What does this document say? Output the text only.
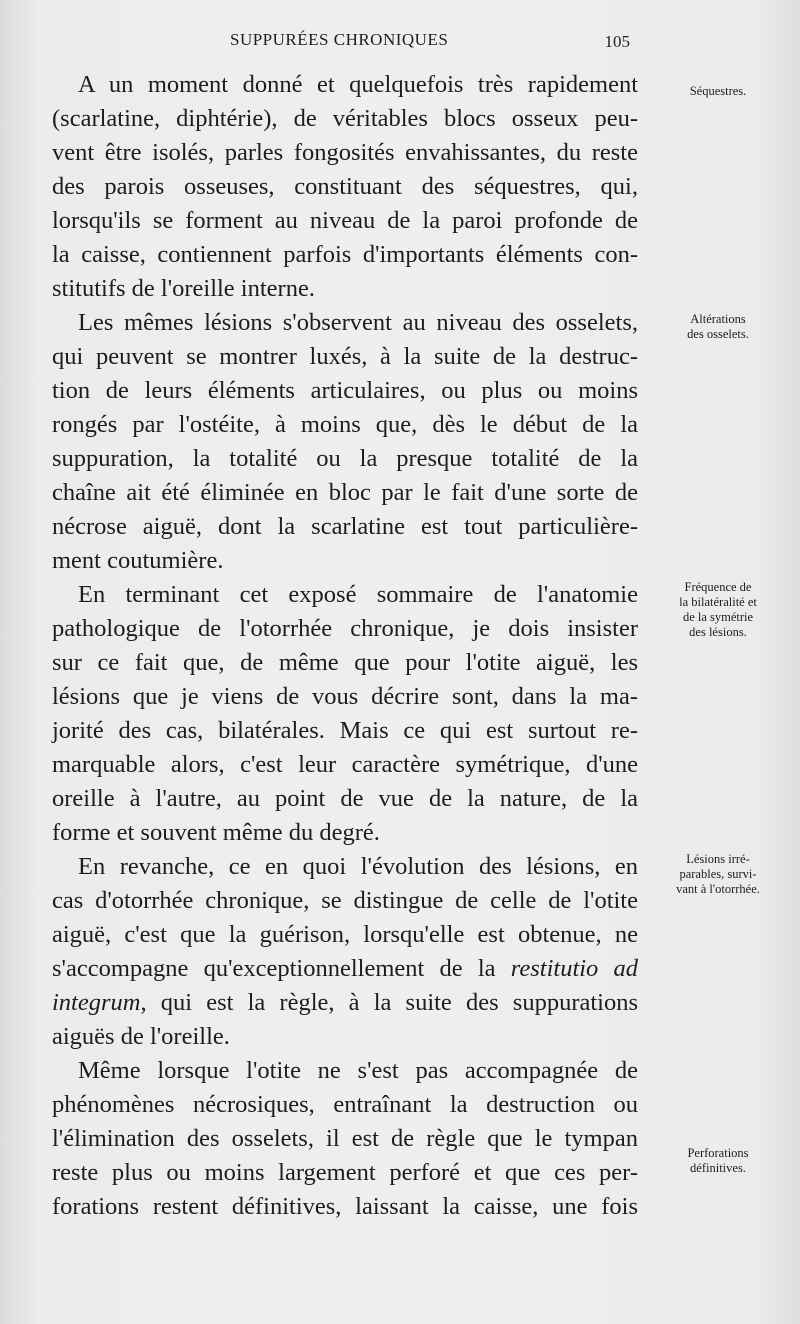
SUPPURÉES CHRONIQUES	105
A un moment donné et quelquefois très rapidement
(scarlatine, diphtérie), de véritables blocs osseux peu-
vent être isolés, parles fongosités envahissantes, du reste
des parois osseuses, constituant des séquestres, qui,
lorsqu'ils se forment au niveau de la paroi profonde de
la caisse, contiennent parfois d'importants éléments con-
stitutifs de l'oreille interne.
Les mêmes lésions s'observent au niveau des osselets,
qui peuvent se montrer luxés, à la suite de la destruc-
tion de leurs éléments articulaires, ou plus ou moins
rongés par l'ostéite, à moins que, dès le début de la
suppuration, la totalité ou la presque totalité de la
chaîne ait été éliminée en bloc par le fait d'une sorte de
nécrose aiguë, dont la scarlatine est tout particulière-
ment coutumière.
En terminant cet exposé sommaire de l'anatomie
pathologique de l'otorrhée chronique, je dois insister
sur ce fait que, de même que pour l'otite aiguë, les
lésions que je viens de vous décrire sont, dans la ma-
jorité des cas, bilatérales. Mais ce qui est surtout re-
marquable alors, c'est leur caractère symétrique, d'une
oreille à l'autre, au point de vue de la nature, de la
forme et souvent même du degré.
En revanche, ce en quoi l'évolution des lésions, en
cas d'otorrhée chronique, se distingue de celle de l'otite
aiguë, c'est que la guérison, lorsqu'elle est obtenue, ne
s'accompagne qu'exceptionnellement de la restitutio ad
integrum, qui est la règle, à la suite des suppurations
aiguës de l'oreille.
Même lorsque l'otite ne s'est pas accompagnée de
phénomènes nécrosiques, entraînant la destruction ou
l'élimination des osselets, il est de règle que le tympan
reste plus ou moins largement perforé et que ces per-
forations restent définitives, laissant la caisse, une fois
Séquestres.
Altérations
des osselets.
Fréquence de
la bilatéralité et
de la symétrie
des lésions.
Lésions irré-
parables, survi-
vant à l'otorrhée.
Perforations
définitives.
